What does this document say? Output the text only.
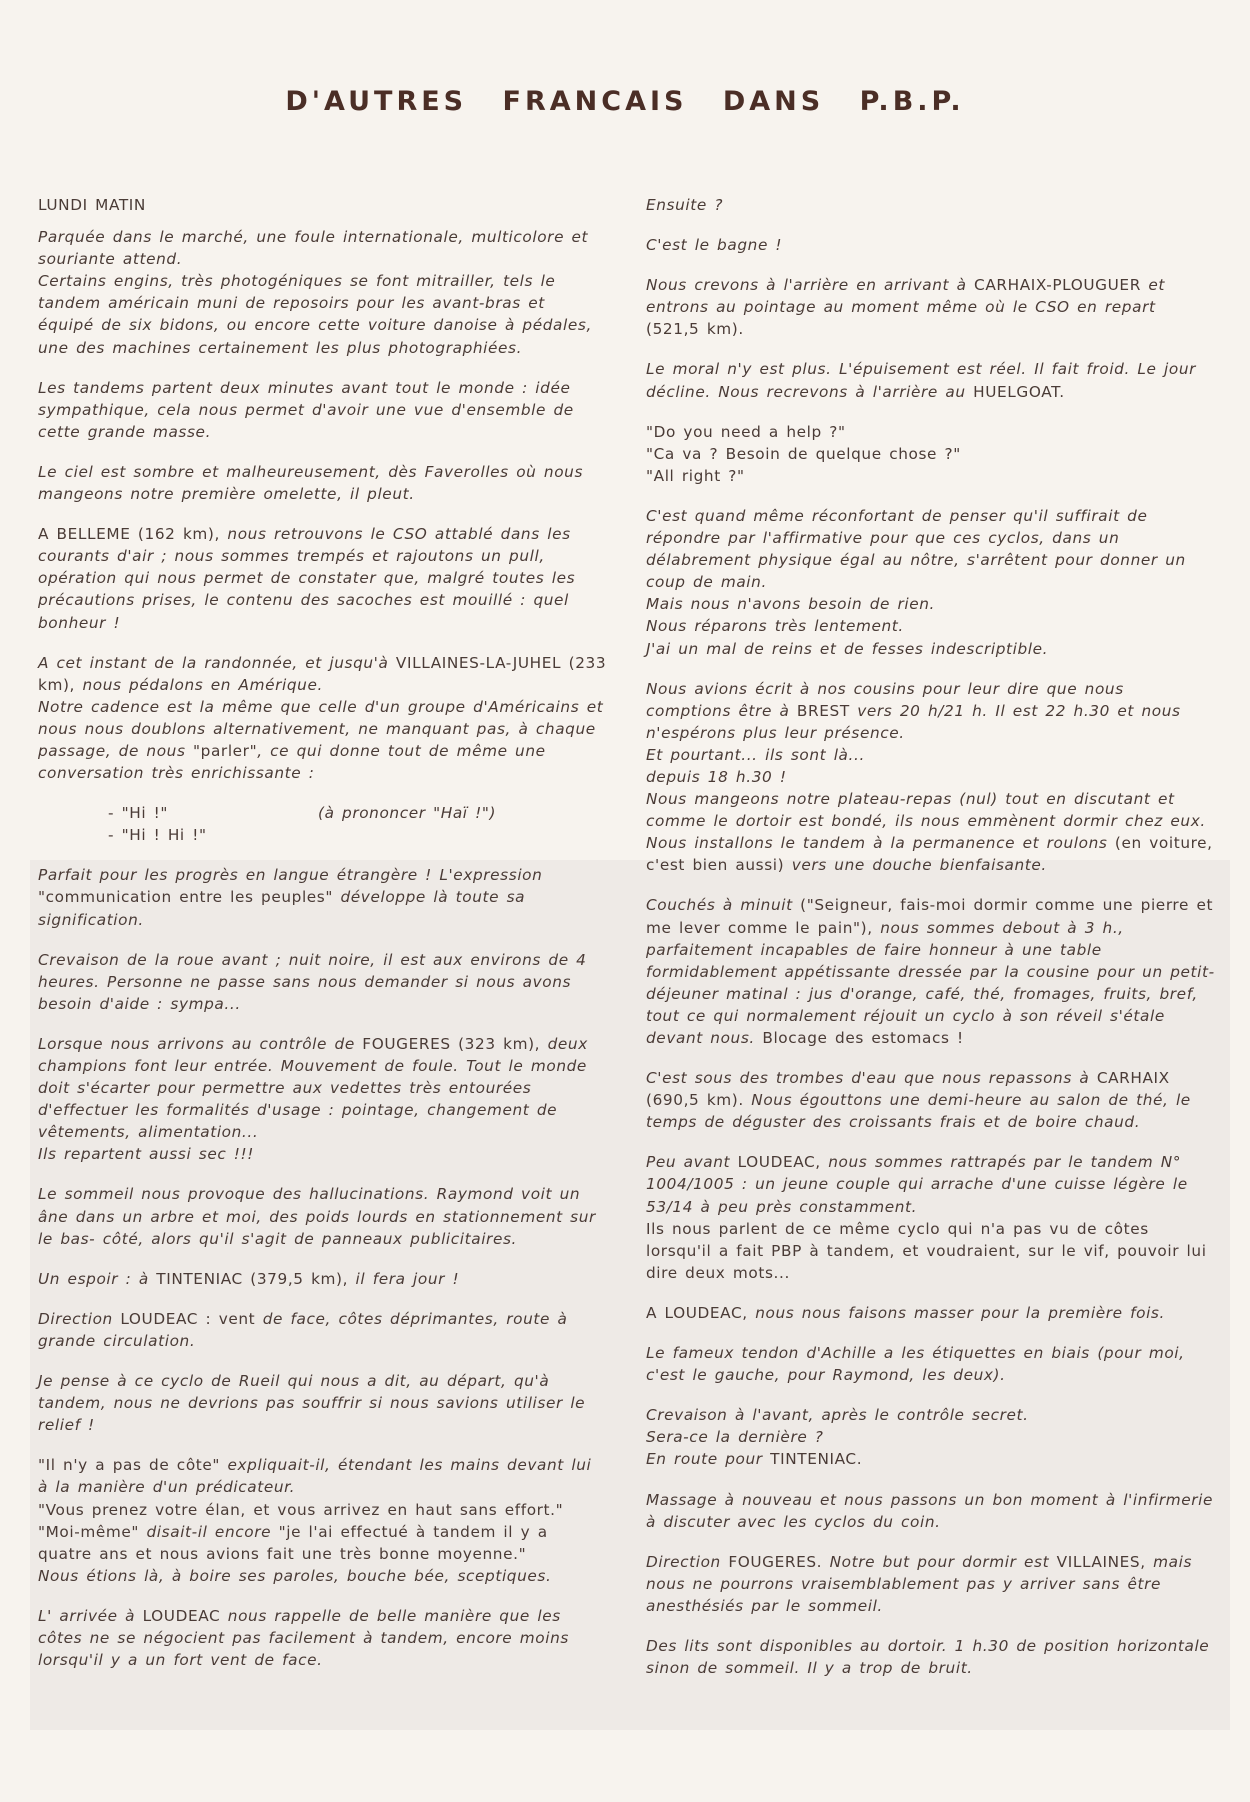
D'AUTRES FRANCAIS DANS P.B.P.
LUNDI MATIN

Parquée dans le marché, une foule internationale, multicolore et souriante attend.

Certains engins, très photogéniques se font mitrailler, tels le tandem américain muni de reposoirs pour les avant-bras et équipé de six bidons, ou encore cette voiture danoise à pédales, une des machines certainement les plus photographiées.

Les tandems partent deux minutes avant tout le monde : idée sympathique, cela nous permet d'avoir une vue d'ensemble de cette grande masse.

Le ciel est sombre et malheureusement, dès Faverolles où nous mangeons notre première omelette, il pleut.

A BELLEME (162 km), nous retrouvons le CSO attablé dans les courants d'air ; nous sommes trempés et rajoutons un pull, opération qui nous permet de constater que, malgré toutes les précautions prises, le contenu des sacoches est mouillé : quel bonheur !

A cet instant de la randonnée, et jusqu'à VILLAINES-LA-JUHEL (233 km), nous pédalons en Amérique.

Notre cadence est la même que celle d'un groupe d'Américains et nous nous doublons alternativement, ne manquant pas, à chaque passage, de nous "parler", ce qui donne tout de même une conversation très enrichissante :

- "Hi !"	(à prononcer "Haï !")
- "Hi ! Hi !"

Parfait pour les progrès en langue étrangère ! L'expression "communication entre les peuples" développe là toute sa signification.

Crevaison de la roue avant ; nuit noire, il est aux environs de 4 heures. Personne ne passe sans nous demander si nous avons besoin d'aide : sympa...

Lorsque nous arrivons au contrôle de FOUGERES (323 km), deux champions font leur entrée. Mouvement de foule. Tout le monde doit s'écarter pour permettre aux vedettes très entourées d'effectuer les formalités d'usage : pointage, changement de vêtements, alimentation...

Ils repartent aussi sec !!!

Le sommeil nous provoque des hallucinations. Raymond voit un âne dans un arbre et moi, des poids lourds en stationnement sur le bas- côté, alors qu'il s'agit de panneaux publicitaires.

Un espoir : à TINTENIAC (379,5 km), il fera jour !

Direction LOUDEAC : vent de face, côtes déprimantes, route à grande circulation.

Je pense à ce cyclo de Rueil qui nous a dit, au départ, qu'à tandem, nous ne devrions pas souffrir si nous savions utiliser le relief !

"Il n'y a pas de côte" expliquait-il, étendant les mains devant lui à la manière d'un prédicateur.

"Vous prenez votre élan, et vous arrivez en haut sans effort."

"Moi-même" disait-il encore "je l'ai effectué à tandem il y a quatre ans et nous avions fait une très bonne moyenne."

Nous étions là, à boire ses paroles, bouche bée, sceptiques.

L' arrivée à LOUDEAC nous rappelle de belle manière que les côtes ne se négocient pas facilement à tandem, encore moins lorsqu'il y a un fort vent de face.

Ensuite ?

C'est le bagne !

Nous crevons à l'arrière en arrivant à CARHAIX-PLOUGUER et entrons au pointage au moment même où le CSO en repart (521,5 km).

Le moral n'y est plus. L'épuisement est réel. Il fait froid. Le jour décline. Nous recrevons à l'arrière au HUELGOAT.

"Do you need a help ?"

"Ca va ? Besoin de quelque chose ?"

"All right ?"

C'est quand même réconfortant de penser qu'il suffirait de répondre par l'affirmative pour que ces cyclos, dans un délabrement physique égal au nôtre, s'arrêtent pour donner un coup de main.

Mais nous n'avons besoin de rien.

Nous réparons très lentement.

J'ai un mal de reins et de fesses indescriptible.

Nous avions écrit à nos cousins pour leur dire que nous comptions être à BREST vers 20 h/21 h. Il est 22 h.30 et nous n'espérons plus leur présence.

Et pourtant... ils sont là...

depuis 18 h.30 !

Nous mangeons notre plateau-repas (nul) tout en discutant et comme le dortoir est bondé, ils nous emmènent dormir chez eux.

Nous installons le tandem à la permanence et roulons (en voiture, c'est bien aussi) vers une douche bienfaisante.

Couchés à minuit ("Seigneur, fais-moi dormir comme une pierre et me lever comme le pain"), nous sommes debout à 3 h., parfaitement incapables de faire honneur à une table formidablement appétissante dressée par la cousine pour un petit-déjeuner matinal : jus d'orange, café, thé, fromages, fruits, bref, tout ce qui normalement réjouit un cyclo à son réveil s'étale devant nous. Blocage des estomacs !

C'est sous des trombes d'eau que nous repassons à CARHAIX (690,5 km). Nous égouttons une demi-heure au salon de thé, le temps de déguster des croissants frais et de boire chaud.

Peu avant LOUDEAC, nous sommes rattrapés par le tandem N° 1004/1005 : un jeune couple qui arrache d'une cuisse légère le 53/14 à peu près constamment.

Ils nous parlent de ce même cyclo qui n'a pas vu de côtes lorsqu'il a fait PBP à tandem, et voudraient, sur le vif, pouvoir lui dire deux mots...

A LOUDEAC, nous nous faisons masser pour la première fois.

Le fameux tendon d'Achille a les étiquettes en biais (pour moi, c'est le gauche, pour Raymond, les deux).

Crevaison à l'avant, après le contrôle secret.

Sera-ce la dernière ?

En route pour TINTENIAC.

Massage à nouveau et nous passons un bon moment à l'infirmerie à discuter avec les cyclos du coin.

Direction FOUGERES. Notre but pour dormir est VILLAINES, mais nous ne pourrons vraisemblablement pas y arriver sans être anesthésiés par le sommeil.

Des lits sont disponibles au dortoir. 1 h.30 de position horizontale sinon de sommeil. Il y a trop de bruit.
